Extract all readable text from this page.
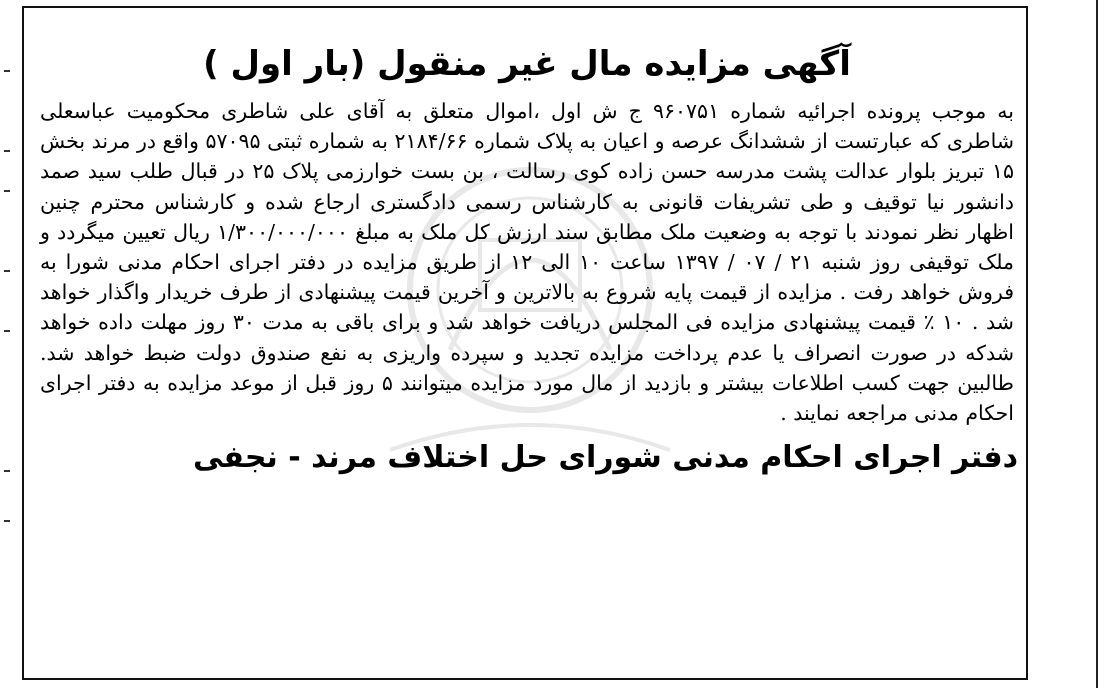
آگهی مزایده مال غیر منقول (بار اول )

به موجب پرونده اجرائیه شماره ۹۶۰۷۵۱ ج ش اول ،اموال متعلق به آقای علی شاطری محکومیت عباسعلی شاطری که عبارتست از ششدانگ عرصه و اعیان به پلاک شماره ۲۱۸۴/۶۶ به شماره ثبتی ۵۷۰۹۵ واقع در مرند بخش ۱۵ تبریز بلوار عدالت پشت مدرسه حسن زاده کوی رسالت ، بن بست خوارزمی پلاک ۲۵ در قبال طلب سید صمد دانشور نیا توقیف و طی تشریفات قانونی به کارشناس رسمی دادگستری ارجاع شده و کارشناس محترم چنین اظهار نظر نمودند با توجه به وضعیت ملک مطابق سند ارزش کل ملک به مبلغ ۱/۳۰۰/۰۰۰/۰۰۰ ریال تعیین میگردد و ملک توقیفی روز شنبه ۲۱ / ۰۷ / ۱۳۹۷ ساعت ۱۰ الی ۱۲ از طریق مزایده در دفتر اجرای احکام مدنی شورا به فروش خواهد رفت . مزایده از قیمت پایه شروع به بالاترین و آخرین قیمت پیشنهادی از طرف خریدار واگذار خواهد شد . ۱۰ ٪ قیمت پیشنهادی مزایده فی المجلس دریافت خواهد شد و برای باقی به مدت ۳۰ روز مهلت داده خواهد شدکه در صورت انصراف یا عدم پرداخت مزایده تجدید و سپرده واریزی به نفع صندوق دولت ضبط خواهد شد. طالبین جهت کسب اطلاعات بیشتر و بازدید از مال مورد مزایده میتوانند ۵ روز قبل از موعد مزایده به دفتر اجرای احکام مدنی مراجعه نمایند .

دفتر اجرای احکام مدنی شورای حل اختلاف مرند - نجفی
